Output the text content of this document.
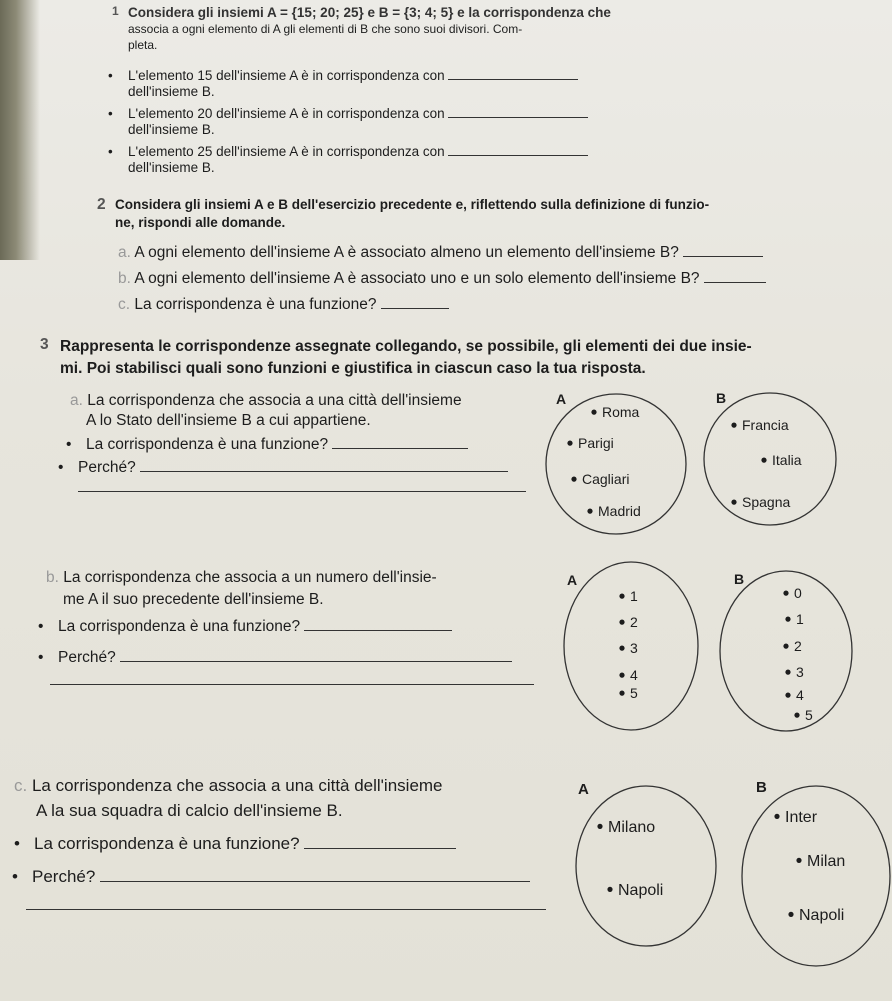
1 Considera gli insiemi A = {15; 20; 25} e B = {3; 4; 5} e la corrispondenza che
associa a ogni elemento di A gli elementi di B che sono suoi divisori. Com-
pleta.
• L'elemento 15 dell'insieme A è in corrispondenza con
dell'insieme B.
• L'elemento 20 dell'insieme A è in corrispondenza con
dell'insieme B.
• L'elemento 25 dell'insieme A è in corrispondenza con
dell'insieme B.
2 Considera gli insiemi A e B dell'esercizio precedente e, riflettendo sulla definizione di funzio-
ne, rispondi alle domande.
a. A ogni elemento dell'insieme A è associato almeno un elemento dell'insieme B?
b. A ogni elemento dell'insieme A è associato uno e un solo elemento dell'insieme B?
c. La corrispondenza è una funzione?
3 Rappresenta le corrispondenze assegnate collegando, se possibile, gli elementi dei due insie-
mi. Poi stabilisci quali sono funzioni e giustifica in ciascun caso la tua risposta.
a. La corrispondenza che associa a una città dell'insieme
A lo Stato dell'insieme B a cui appartiene.
• La corrispondenza è una funzione?
• Perché?
b. La corrispondenza che associa a un numero dell'insie-
me A il suo precedente dell'insieme B.
• La corrispondenza è una funzione?
• Perché?
c. La corrispondenza che associa a una città dell'insieme
A la sua squadra di calcio dell'insieme B.
• La corrispondenza è una funzione?
• Perché?
A	B
Roma
Parigi
Cagliari
Madrid
Francia
Italia
Spagna
A	B
1
2
3
4
5
0
1
2
3
4
5
A	B
Milano
Napoli
Inter
Milan
Napoli
